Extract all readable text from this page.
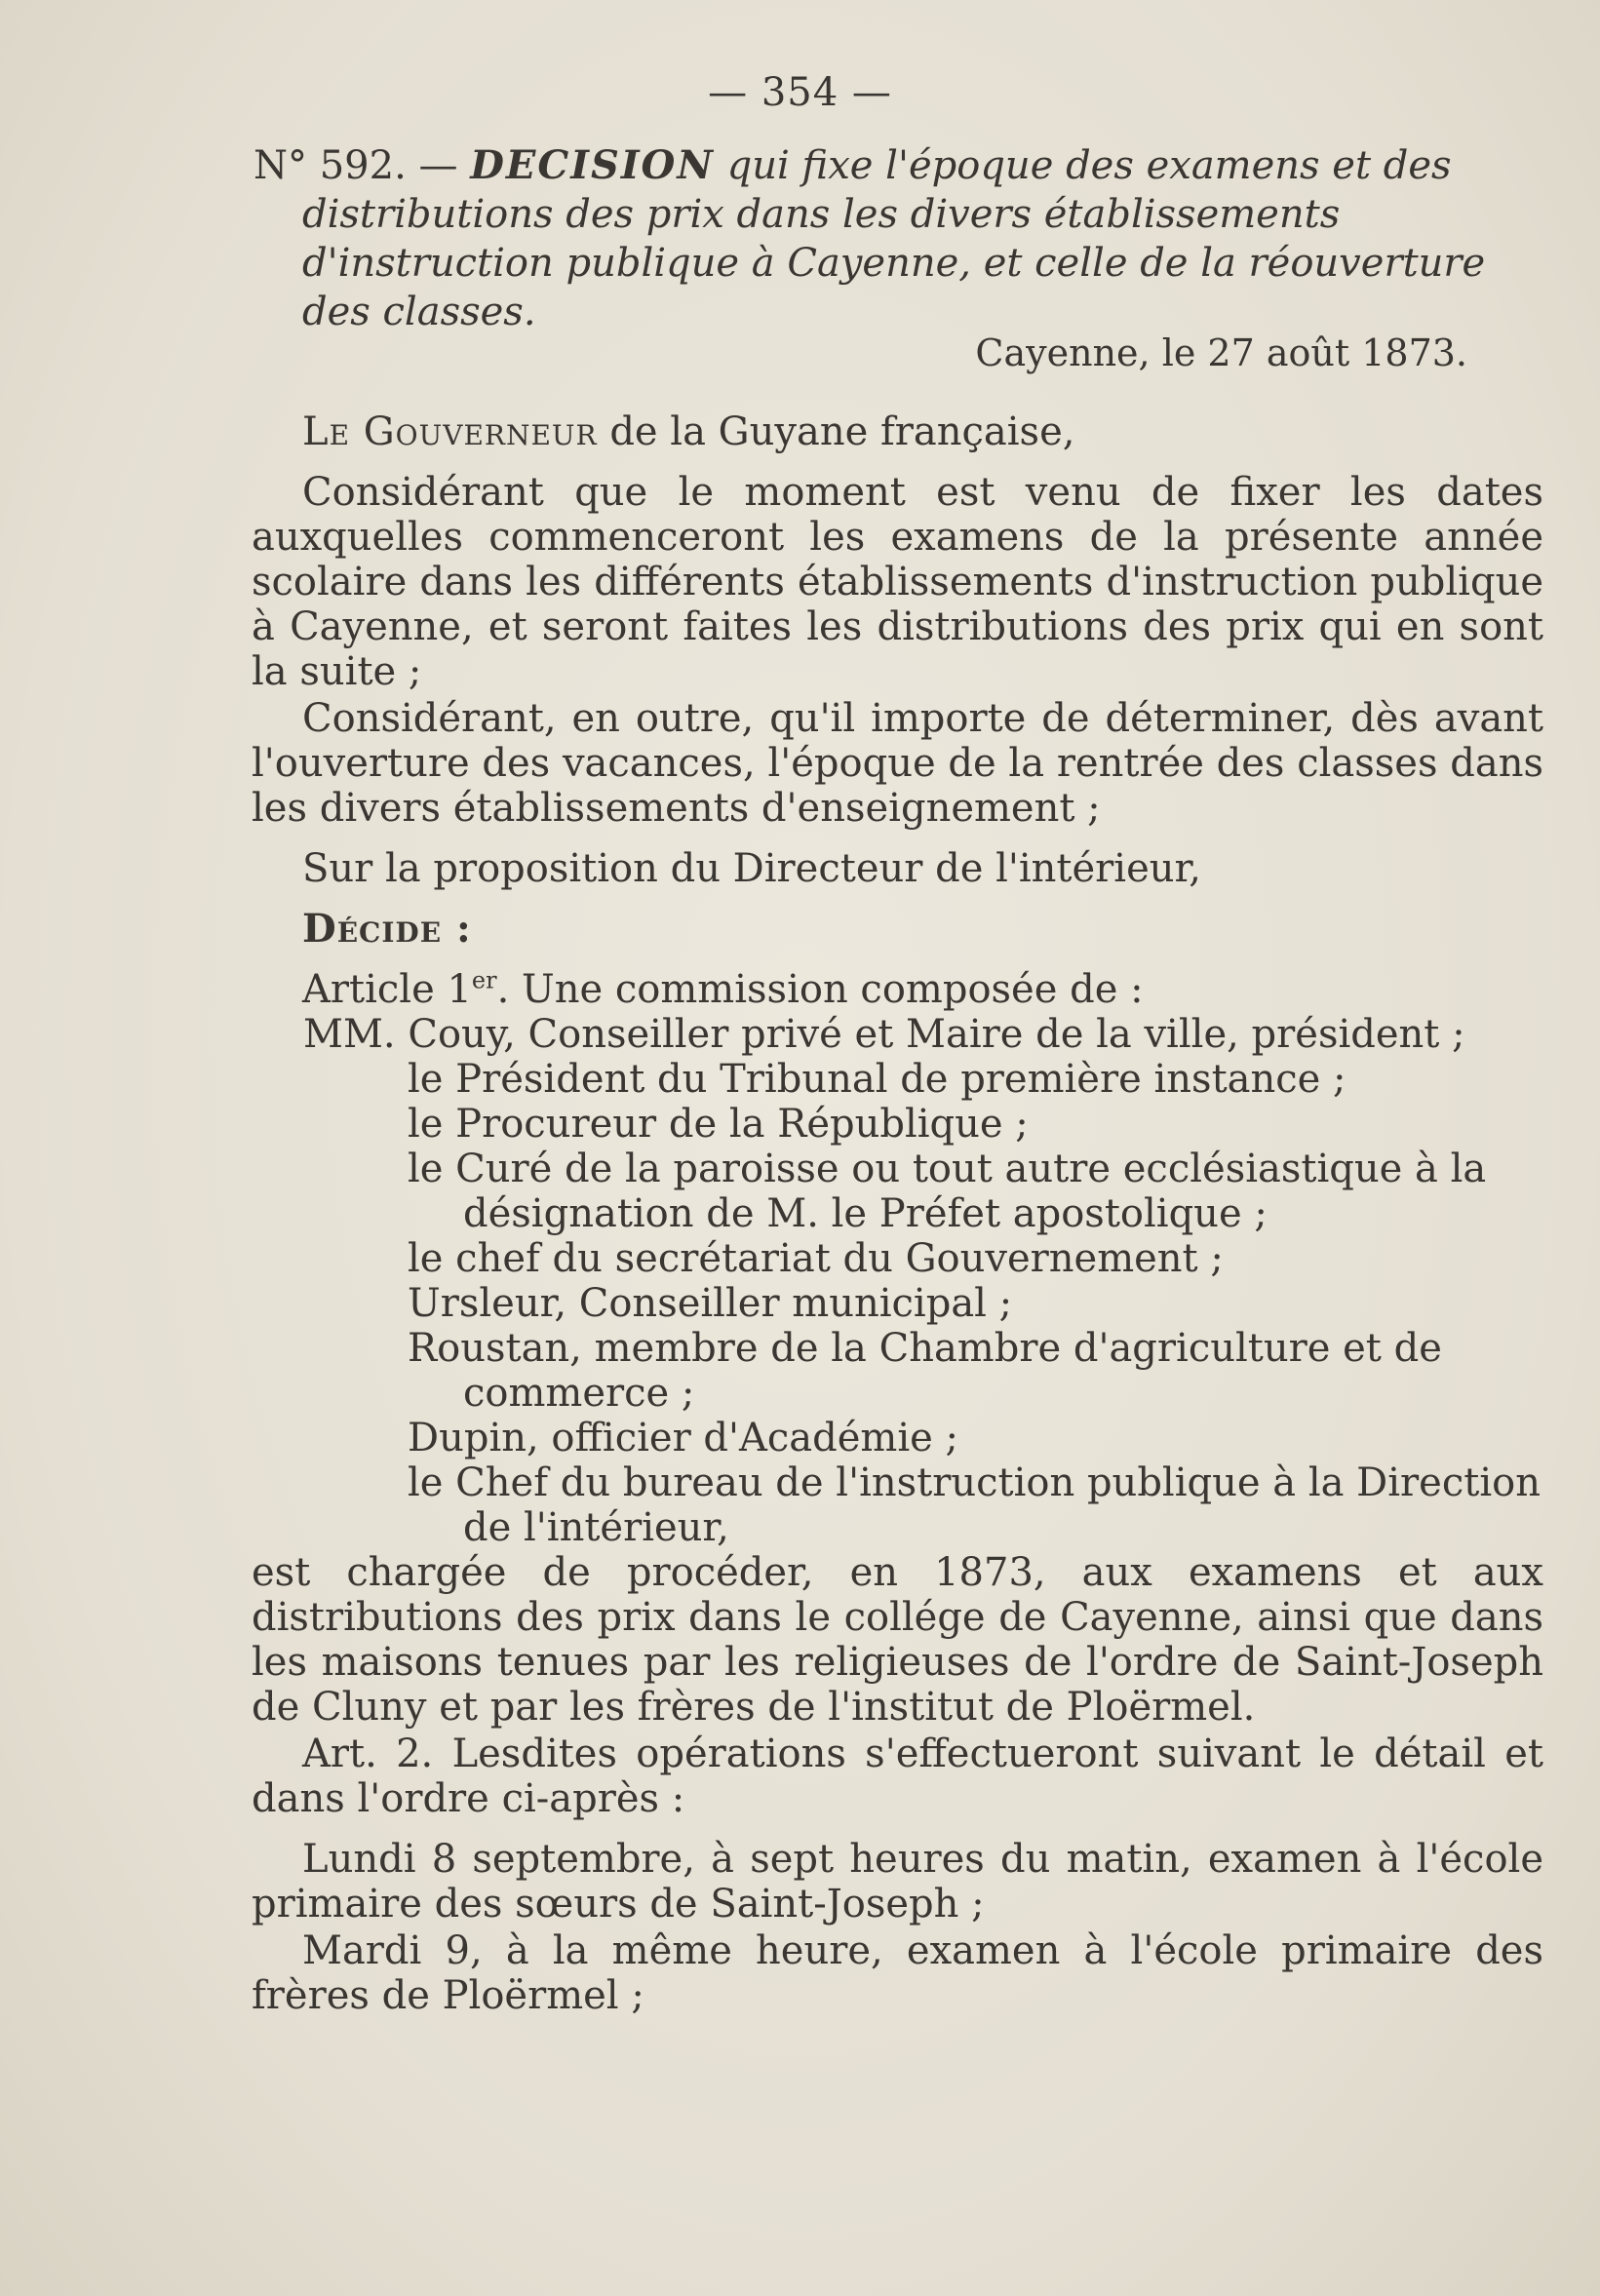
— 354 —
N° 592. — DECISION qui fixe l'époque des examens et des distributions des prix dans les divers établissements d'instruction publique à Cayenne, et celle de la réouverture des classes.
Cayenne, le 27 août 1873.

Le Gouverneur de la Guyane française,

Considérant que le moment est venu de fixer les dates auxquelles commenceront les examens de la présente année scolaire dans les différents établissements d'instruction publique à Cayenne, et seront faites les distributions des prix qui en sont la suite ;

Considérant, en outre, qu'il importe de déterminer, dès avant l'ouverture des vacances, l'époque de la rentrée des classes dans les divers établissements d'enseignement ;

Sur la proposition du Directeur de l'intérieur,

Décide :

Article 1er. Une commission composée de :

MM. Couy, Conseiller privé et Maire de la ville, président ;
le Président du Tribunal de première instance ;
le Procureur de la République ;
le Curé de la paroisse ou tout autre ecclésiastique à la désignation de M. le Préfet apostolique ;
le chef du secrétariat du Gouvernement ;
Ursleur, Conseiller municipal ;
Roustan, membre de la Chambre d'agriculture et de commerce ;
Dupin, officier d'Académie ;
le Chef du bureau de l'instruction publique à la Direction de l'intérieur,

est chargée de procéder, en 1873, aux examens et aux distributions des prix dans le collége de Cayenne, ainsi que dans les maisons tenues par les religieuses de l'ordre de Saint-Joseph de Cluny et par les frères de l'institut de Ploërmel.

Art. 2. Lesdites opérations s'effectueront suivant le détail et dans l'ordre ci-après :

Lundi 8 septembre, à sept heures du matin, examen à l'école primaire des sœurs de Saint-Joseph ;

Mardi 9, à la même heure, examen à l'école primaire des frères de Ploërmel ;
